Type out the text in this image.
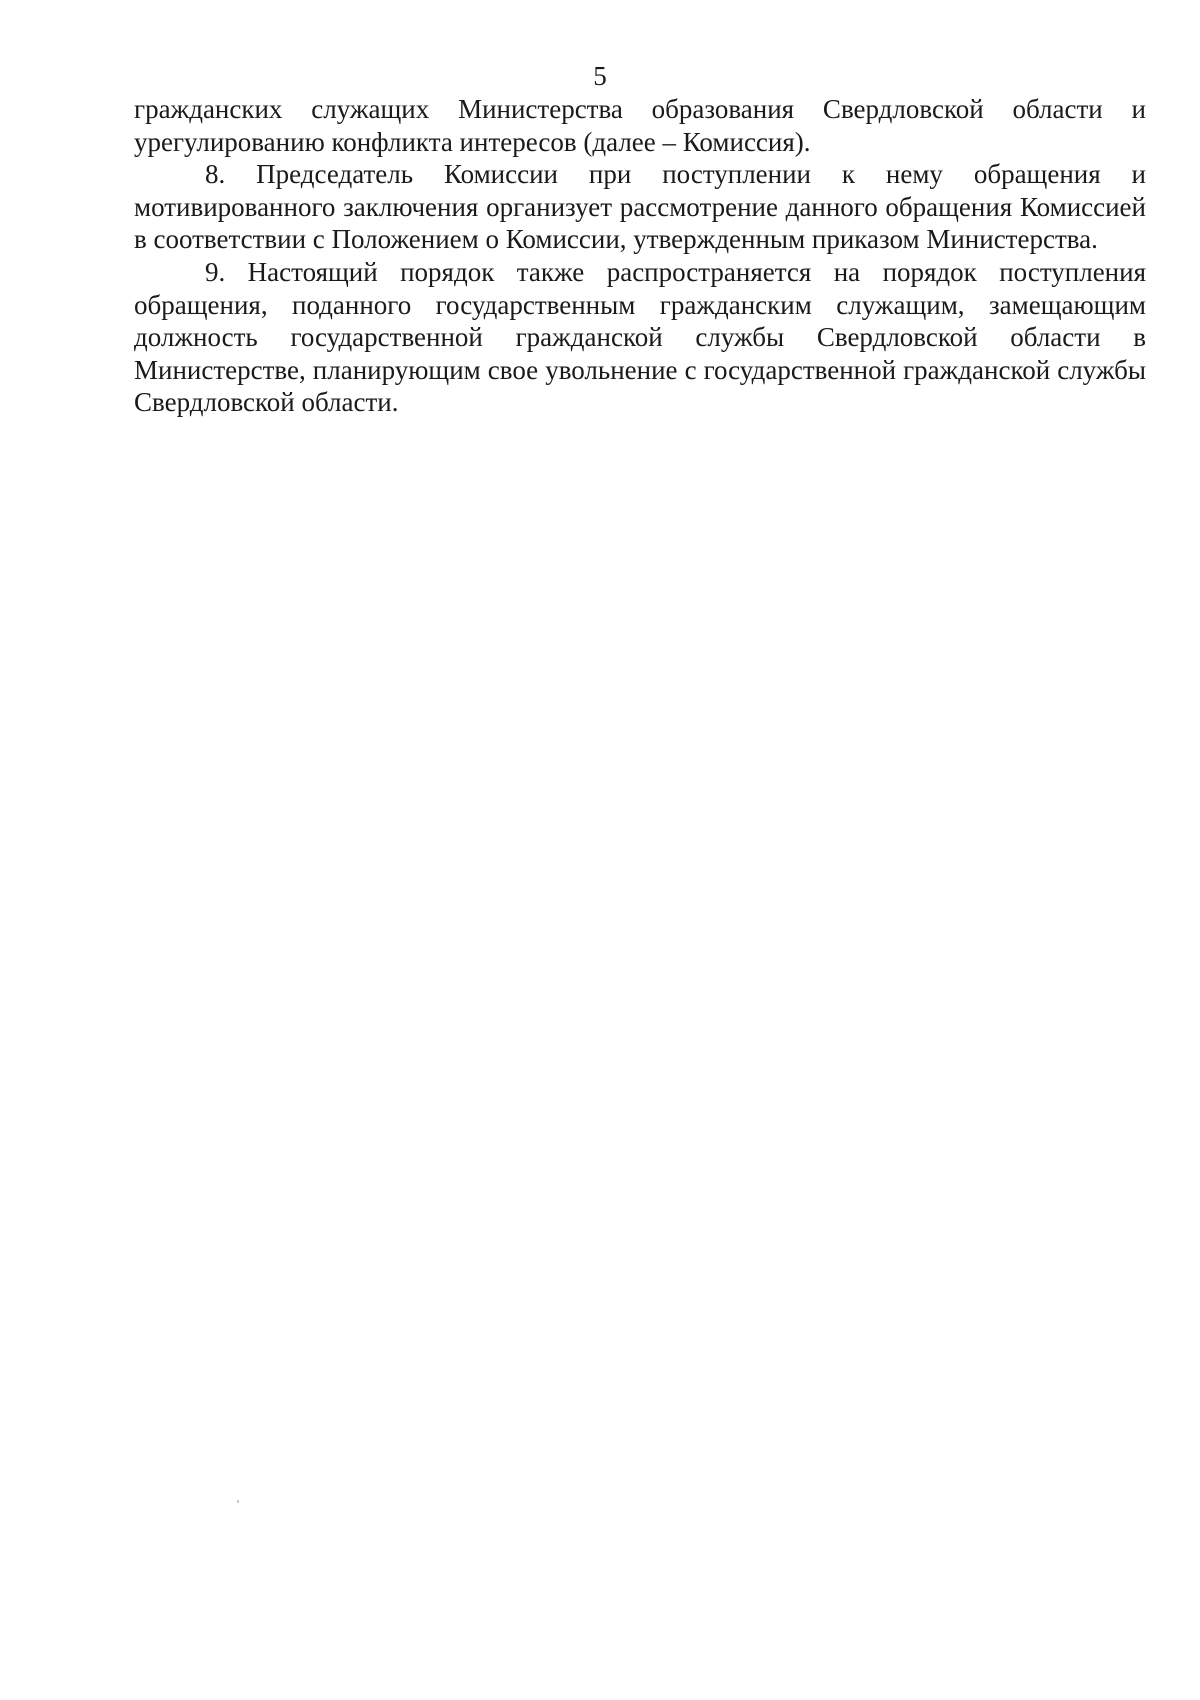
5

гражданских служащих Министерства образования Свердловской области и урегулированию конфликта интересов (далее – Комиссия).

8. Председатель Комиссии при поступлении к нему обращения и мотивированного заключения организует рассмотрение данного обращения Комиссией в соответствии с Положением о Комиссии, утвержденным приказом Министерства.

9. Настоящий порядок также распространяется на порядок поступления обращения, поданного государственным гражданским служащим, замещающим должность государственной гражданской службы Свердловской области в Министерстве, планирующим свое увольнение с государственной гражданской службы Свердловской области.
